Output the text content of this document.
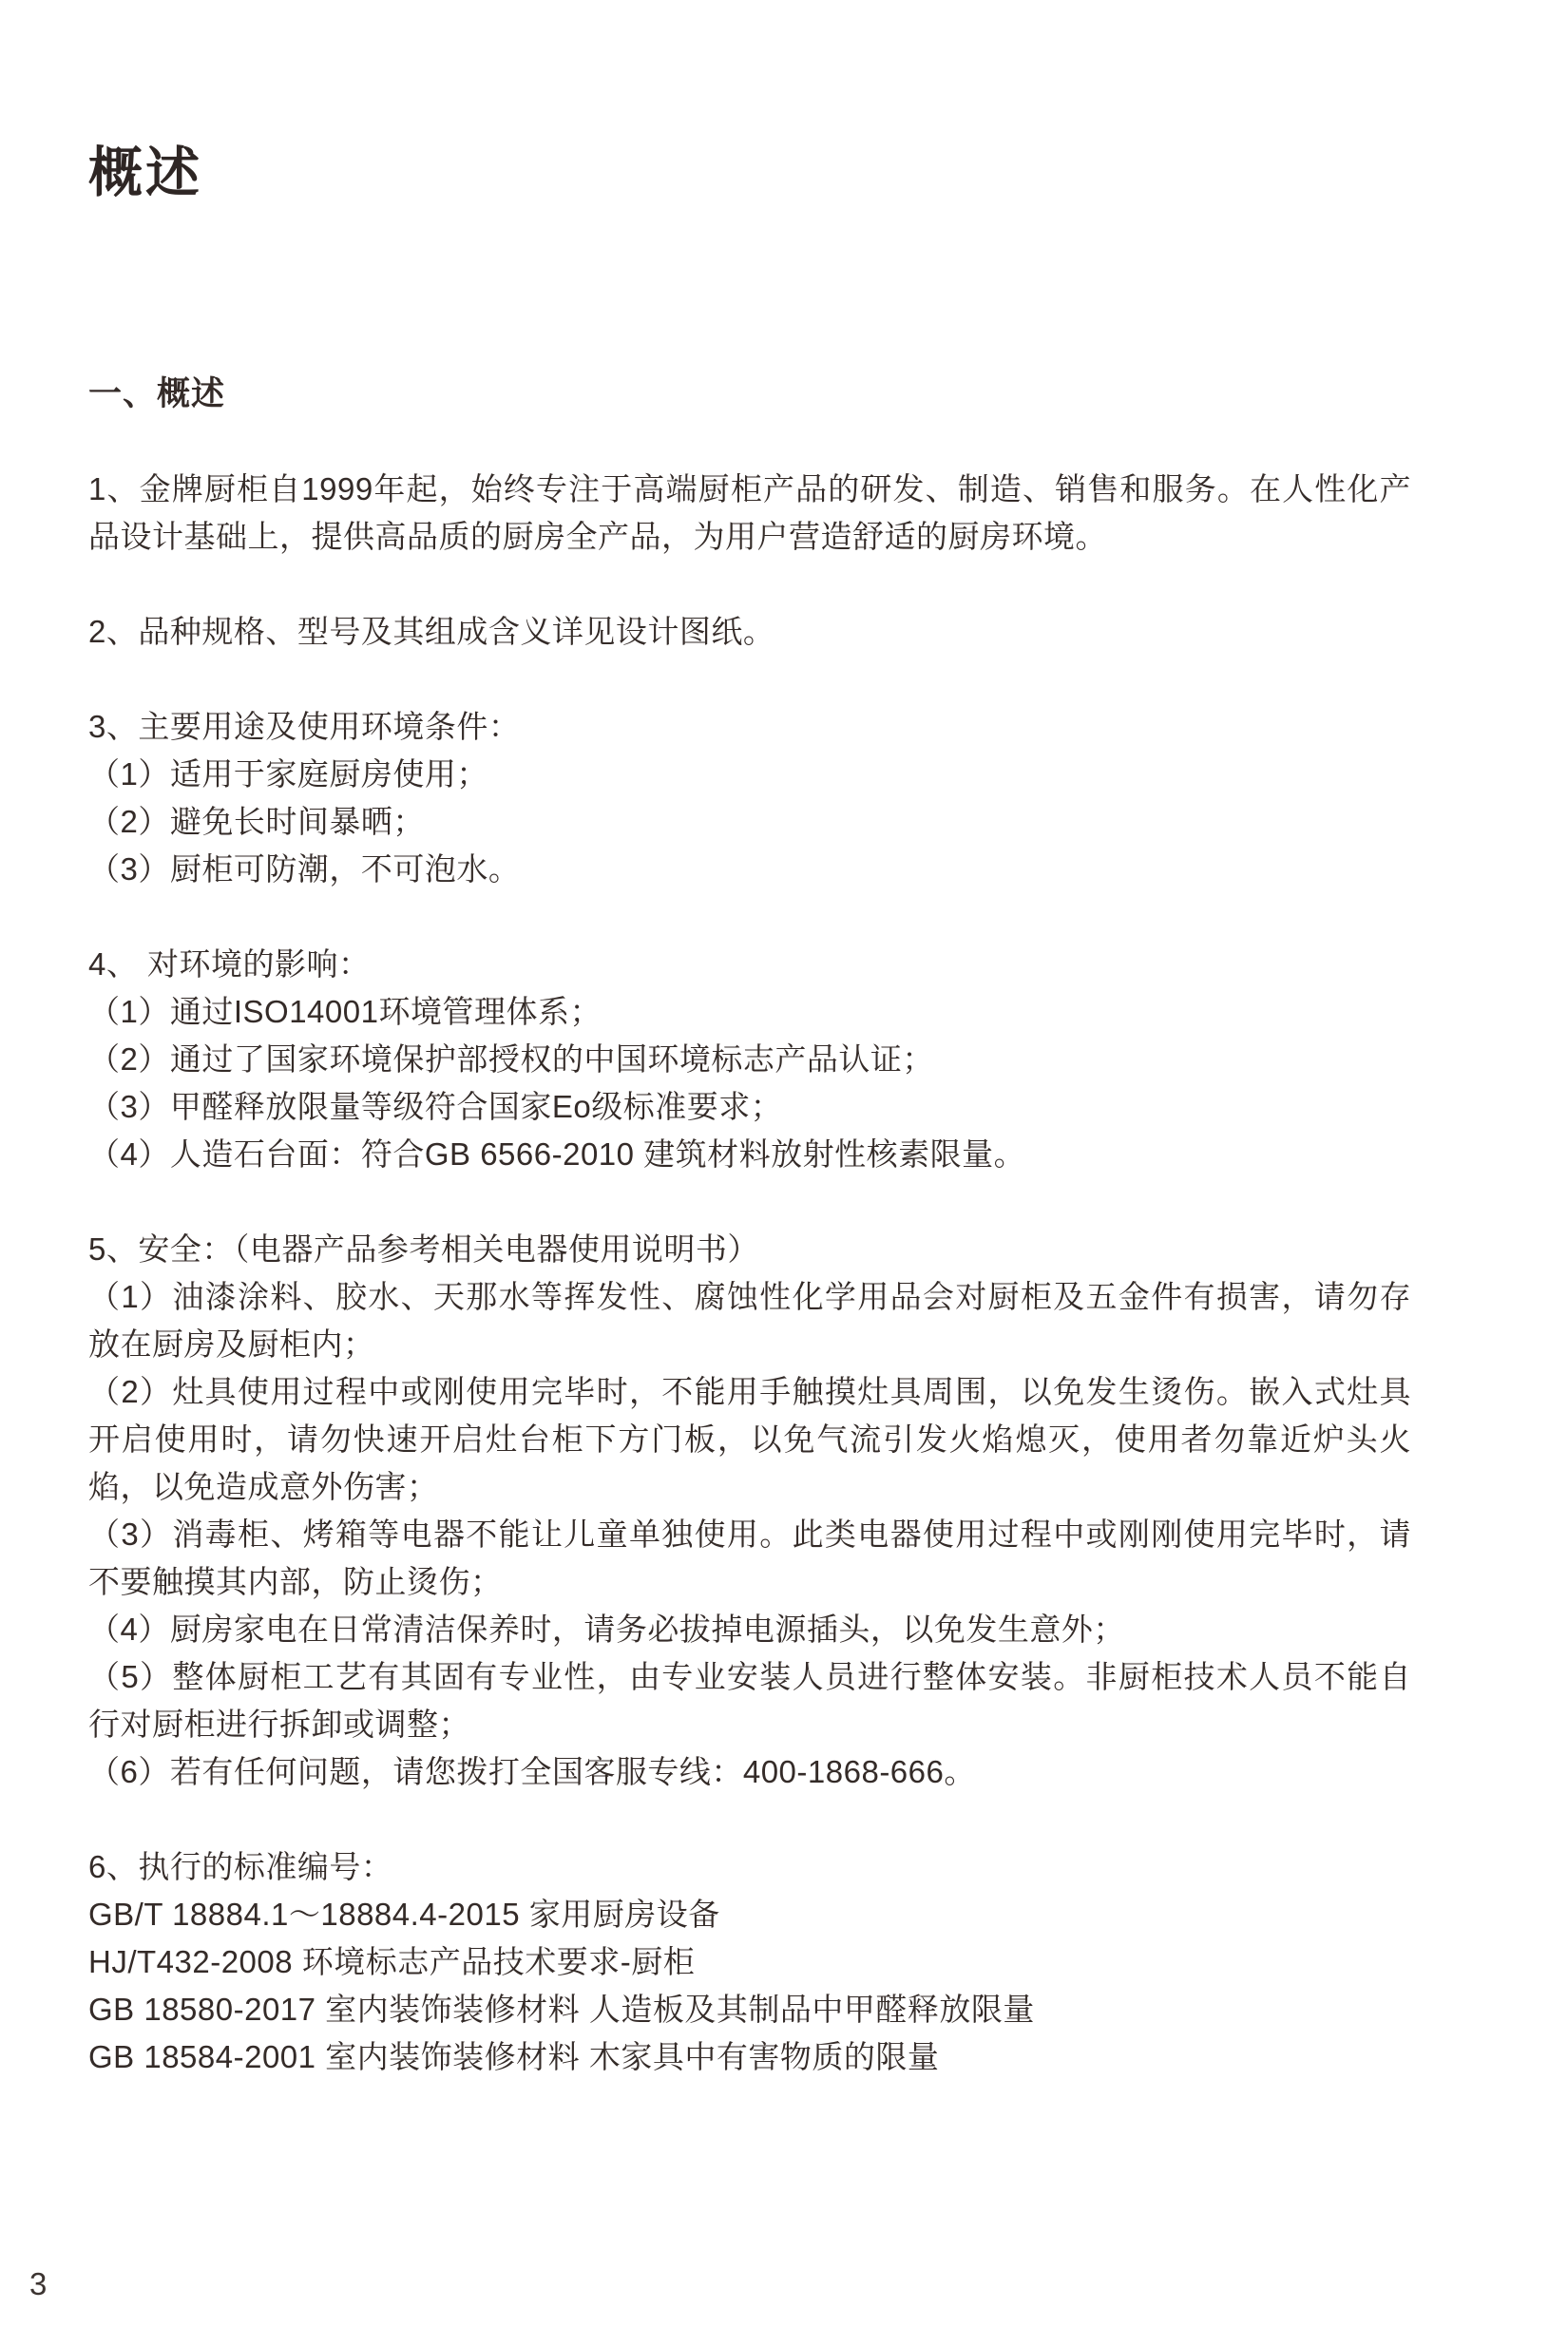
概述
一、概述

1、金牌厨柜自1999年起，始终专注于高端厨柜产品的研发、制造、销售和服务。在人性化产品设计基础上，提供高品质的厨房全产品，为用户营造舒适的厨房环境。

2、品种规格、型号及其组成含义详见设计图纸。

3、主要用途及使用环境条件：

（1）适用于家庭厨房使用；

（2）避免长时间暴晒；

（3）厨柜可防潮，不可泡水。

4、 对环境的影响：

（1）通过ISO14001环境管理体系；

（2）通过了国家环境保护部授权的中国环境标志产品认证；

（3）甲醛释放限量等级符合国家Eo级标准要求；

（4）人造石台面：符合GB 6566-2010 建筑材料放射性核素限量。

5、安全：（电器产品参考相关电器使用说明书）

（1）油漆涂料、胶水、天那水等挥发性、腐蚀性化学用品会对厨柜及五金件有损害，请勿存放在厨房及厨柜内；

（2）灶具使用过程中或刚使用完毕时，不能用手触摸灶具周围，以免发生烫伤。嵌入式灶具开启使用时，请勿快速开启灶台柜下方门板，以免气流引发火焰熄灭，使用者勿靠近炉头火焰，以免造成意外伤害；

（3）消毒柜、烤箱等电器不能让儿童单独使用。此类电器使用过程中或刚刚使用完毕时，请不要触摸其内部，防止烫伤；

（4）厨房家电在日常清洁保养时，请务必拔掉电源插头，以免发生意外；

（5）整体厨柜工艺有其固有专业性，由专业安装人员进行整体安装。非厨柜技术人员不能自行对厨柜进行拆卸或调整；

（6）若有任何问题，请您拨打全国客服专线：400-1868-666。

6、执行的标准编号：

GB/T 18884.1～18884.4-2015 家用厨房设备

HJ/T432-2008 环境标志产品技术要求-厨柜

GB 18580-2017 室内装饰装修材料 人造板及其制品中甲醛释放限量

GB 18584-2001 室内装饰装修材料 木家具中有害物质的限量

3
